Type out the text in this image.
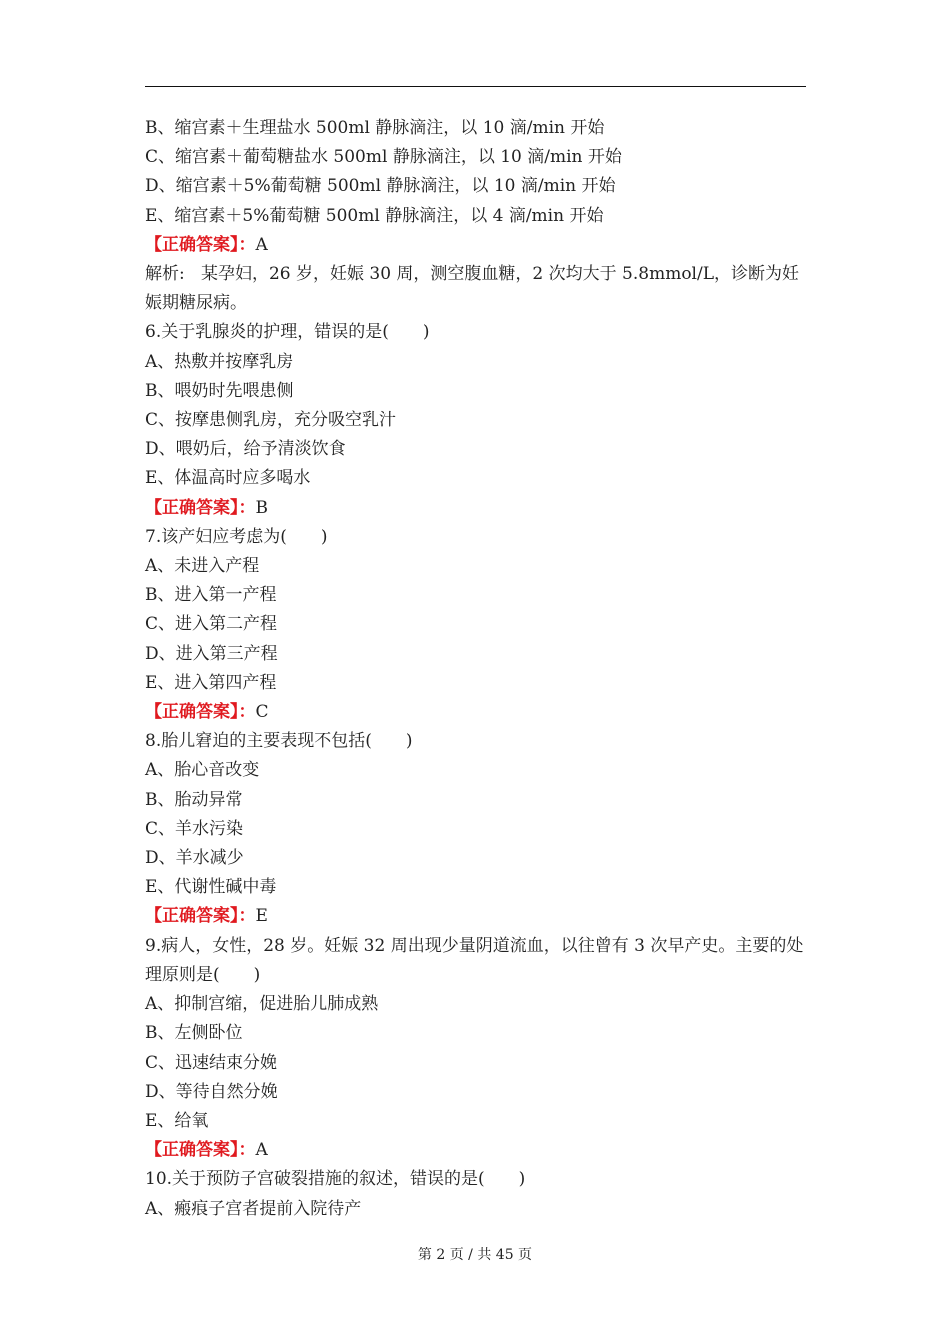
B、缩宫素＋生理盐水 500ml 静脉滴注，以 10 滴/min 开始
C、缩宫素＋葡萄糖盐水 500ml 静脉滴注，以 10 滴/min 开始
D、缩宫素＋5%葡萄糖 500ml 静脉滴注，以 10 滴/min 开始
E、缩宫素＋5%葡萄糖 500ml 静脉滴注，以 4 滴/min 开始
【正确答案】：A
解析:   某孕妇，26 岁，妊娠 30 周，测空腹血糖，2 次均大于 5.8mmol/L，诊断为妊娠期糖尿病。
6.关于乳腺炎的护理，错误的是(　　)
A、热敷并按摩乳房
B、喂奶时先喂患侧
C、按摩患侧乳房，充分吸空乳汁
D、喂奶后，给予清淡饮食
E、体温高时应多喝水
【正确答案】：B
7.该产妇应考虑为(　　)
A、未进入产程
B、进入第一产程
C、进入第二产程
D、进入第三产程
E、进入第四产程
【正确答案】：C
8.胎儿窘迫的主要表现不包括(　　)
A、胎心音改变
B、胎动异常
C、羊水污染
D、羊水减少
E、代谢性碱中毒
【正确答案】：E
9.病人，女性，28 岁。妊娠 32 周出现少量阴道流血，以往曾有 3 次早产史。主要的处理原则是(　　)
A、抑制宫缩，促进胎儿肺成熟
B、左侧卧位
C、迅速结束分娩
D、等待自然分娩
E、给氧
【正确答案】：A
10.关于预防子宫破裂措施的叙述，错误的是(　　)
A、瘢痕子宫者提前入院待产
第 2 页 / 共 45 页
